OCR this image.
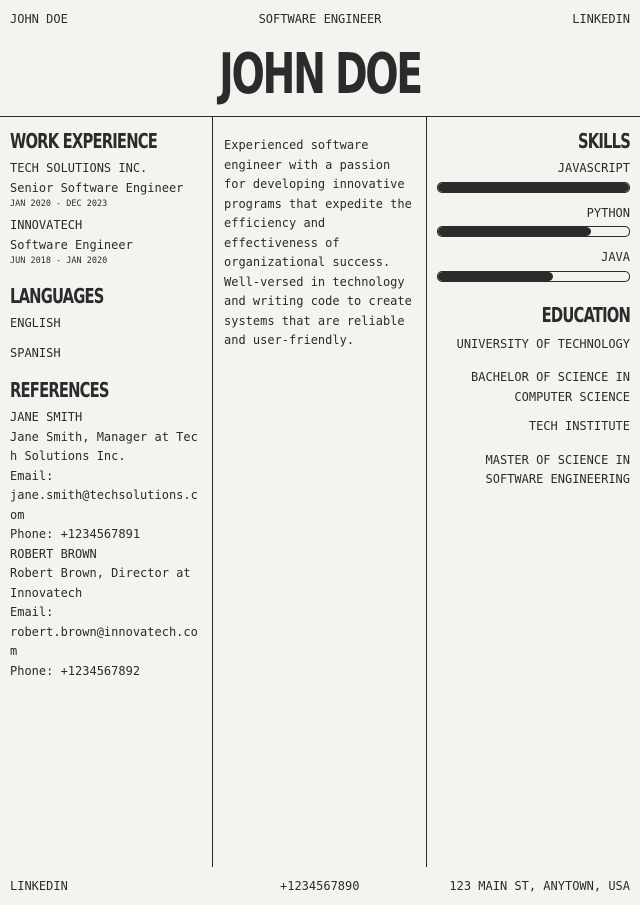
JOHN DOE	SOFTWARE ENGINEER	LINKEDIN
JOHN DOE
WORK EXPERIENCE
TECH SOLUTIONS INC.
Senior Software Engineer
JAN 2020 - DEC 2023
INNOVATECH
Software Engineer
JUN 2018 - JAN 2020
LANGUAGES
ENGLISH
SPANISH
REFERENCES
JANE SMITH
Jane Smith, Manager at Tech Solutions Inc.
Email:
jane.smith@techsolutions.com
Phone: +1234567891
ROBERT BROWN
Robert Brown, Director at Innovatech
Email:
robert.brown@innovatech.com
Phone: +1234567892
Experienced software engineer with a passion for developing innovative programs that expedite the efficiency and effectiveness of organizational success. Well-versed in technology and writing code to create systems that are reliable and user-friendly.
SKILLS
JAVASCRIPT
PYTHON
JAVA
EDUCATION
UNIVERSITY OF TECHNOLOGY
BACHELOR OF SCIENCE IN COMPUTER SCIENCE
TECH INSTITUTE
MASTER OF SCIENCE IN SOFTWARE ENGINEERING
LINKEDIN	+1234567890	123 MAIN ST, ANYTOWN, USA
